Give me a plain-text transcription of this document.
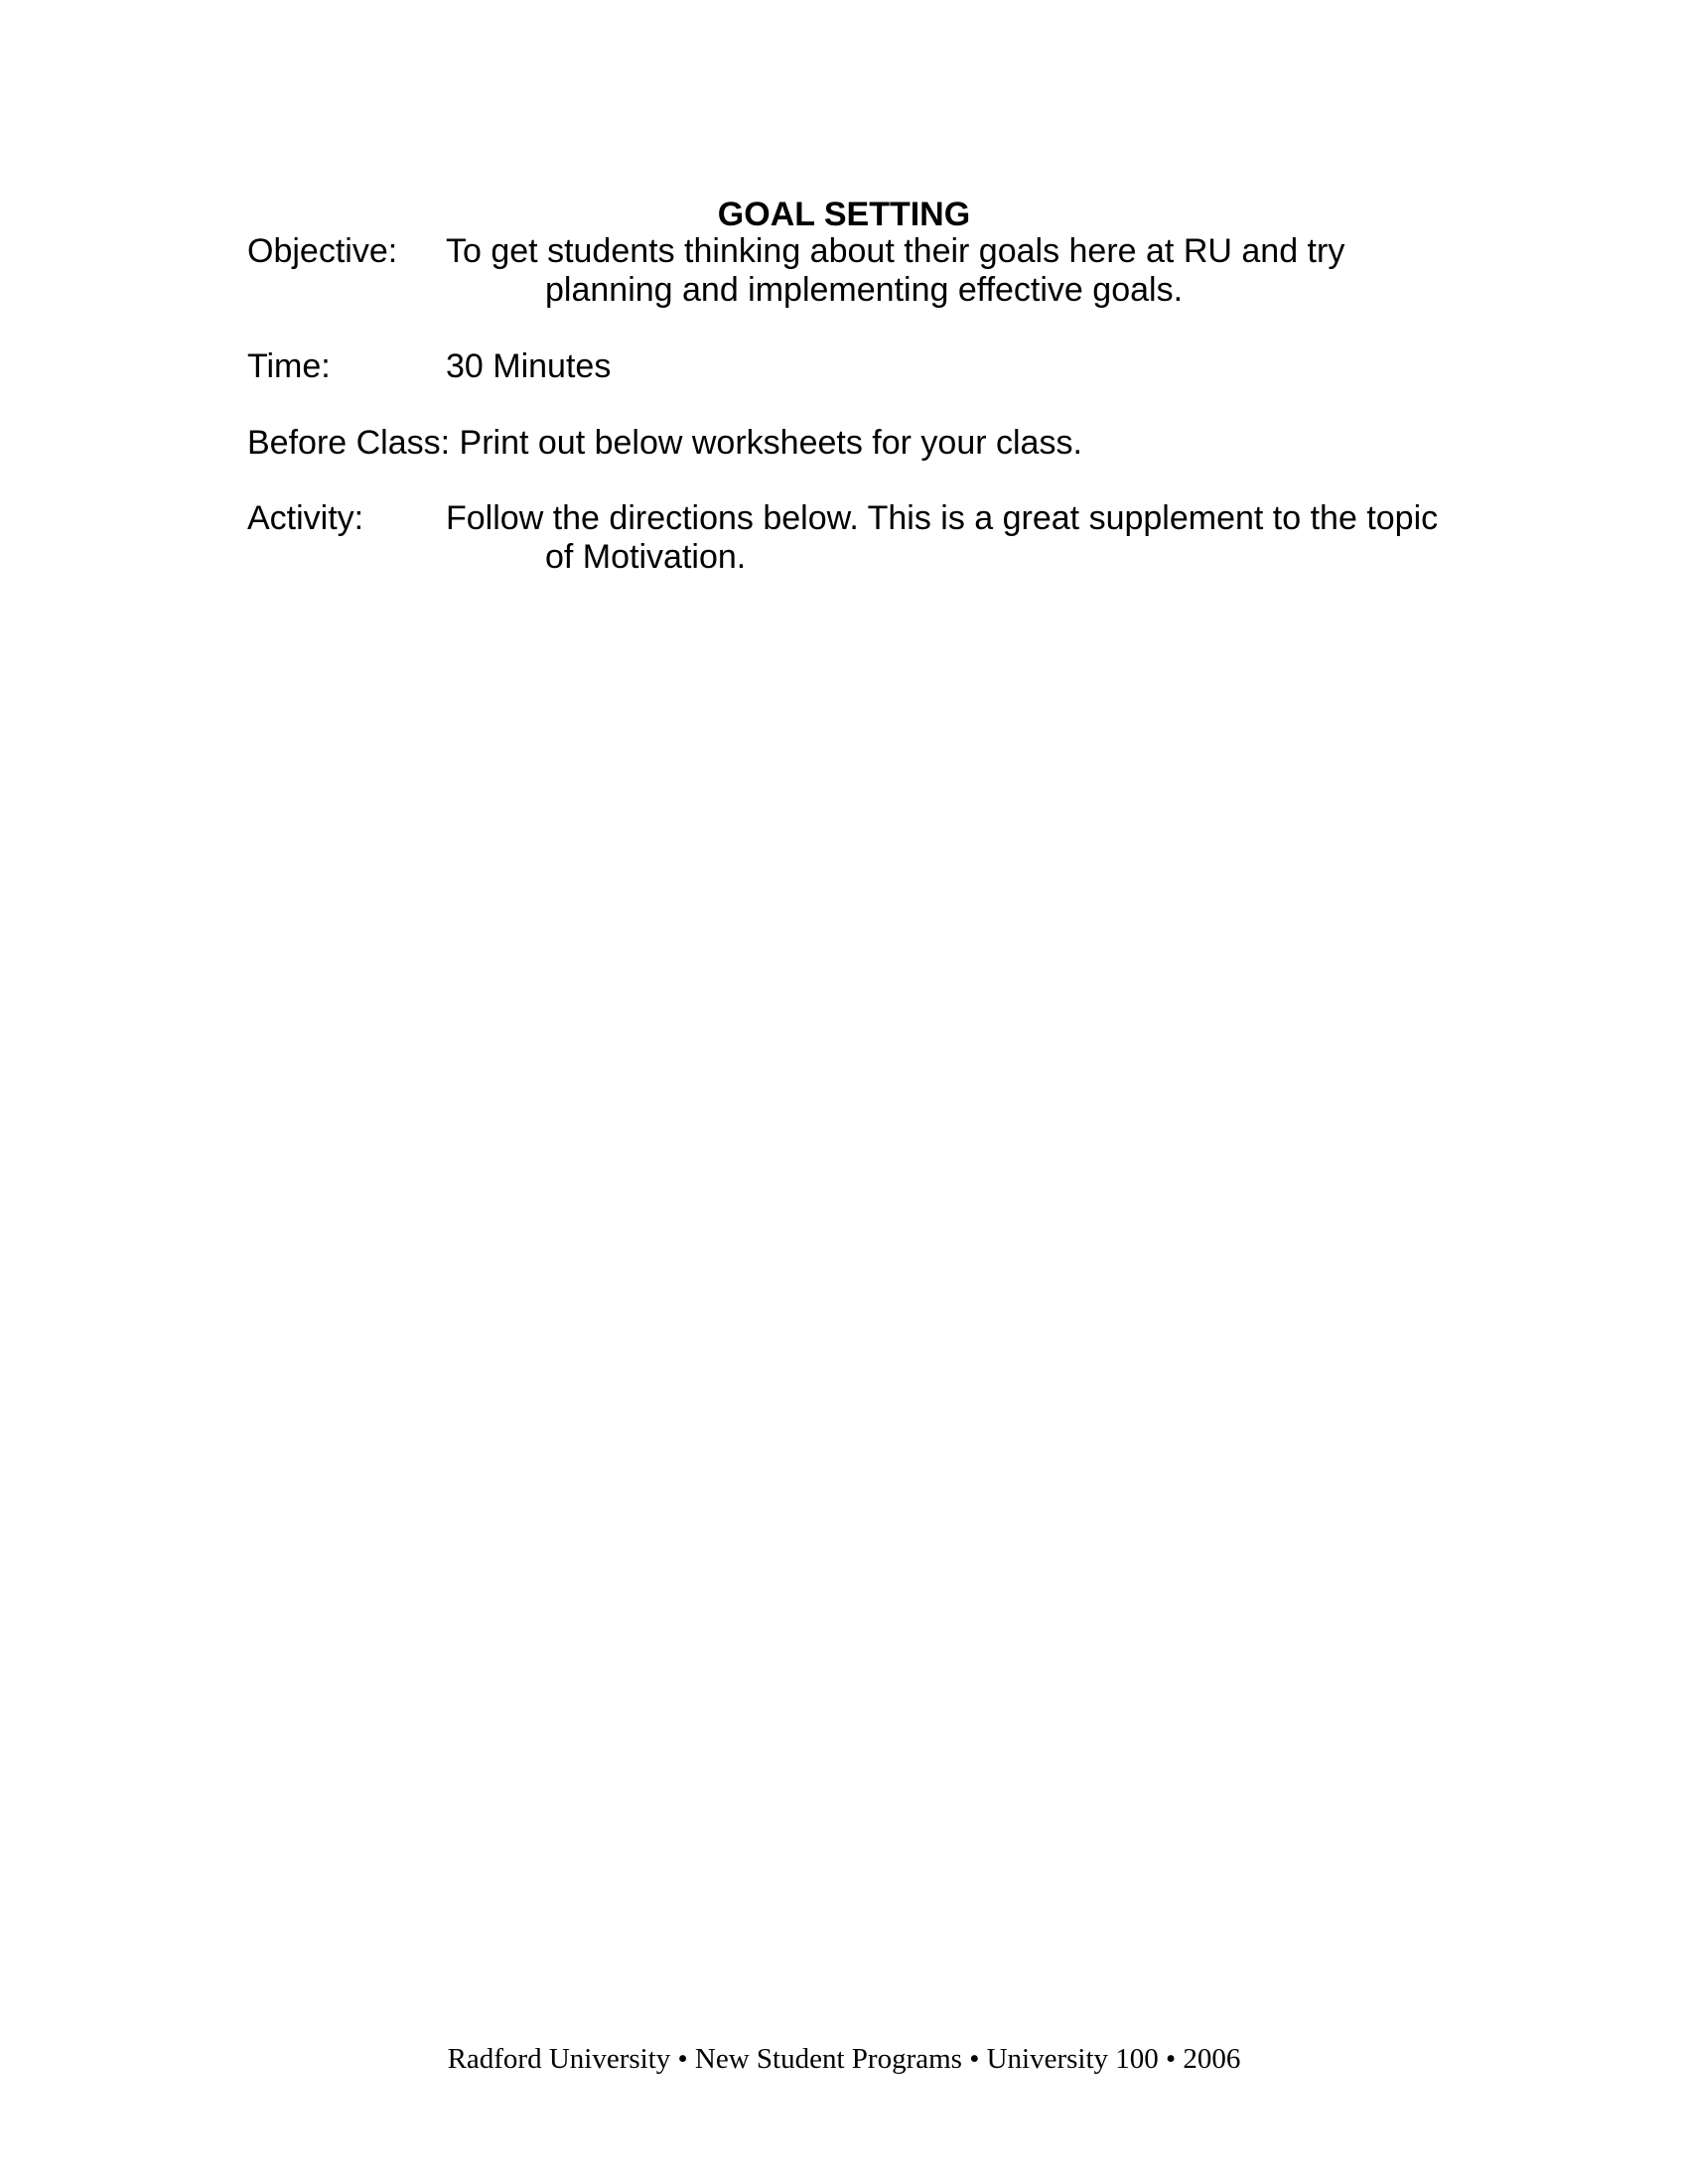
GOAL SETTING
Objective: To get students thinking about their goals here at RU and try
planning and implementing effective goals.
Time:	30 Minutes
Before Class: Print out below worksheets for your class.
Activity: Follow the directions below. This is a great supplement to the topic
of Motivation.
Radford University • New Student Programs • University 100 • 2006
